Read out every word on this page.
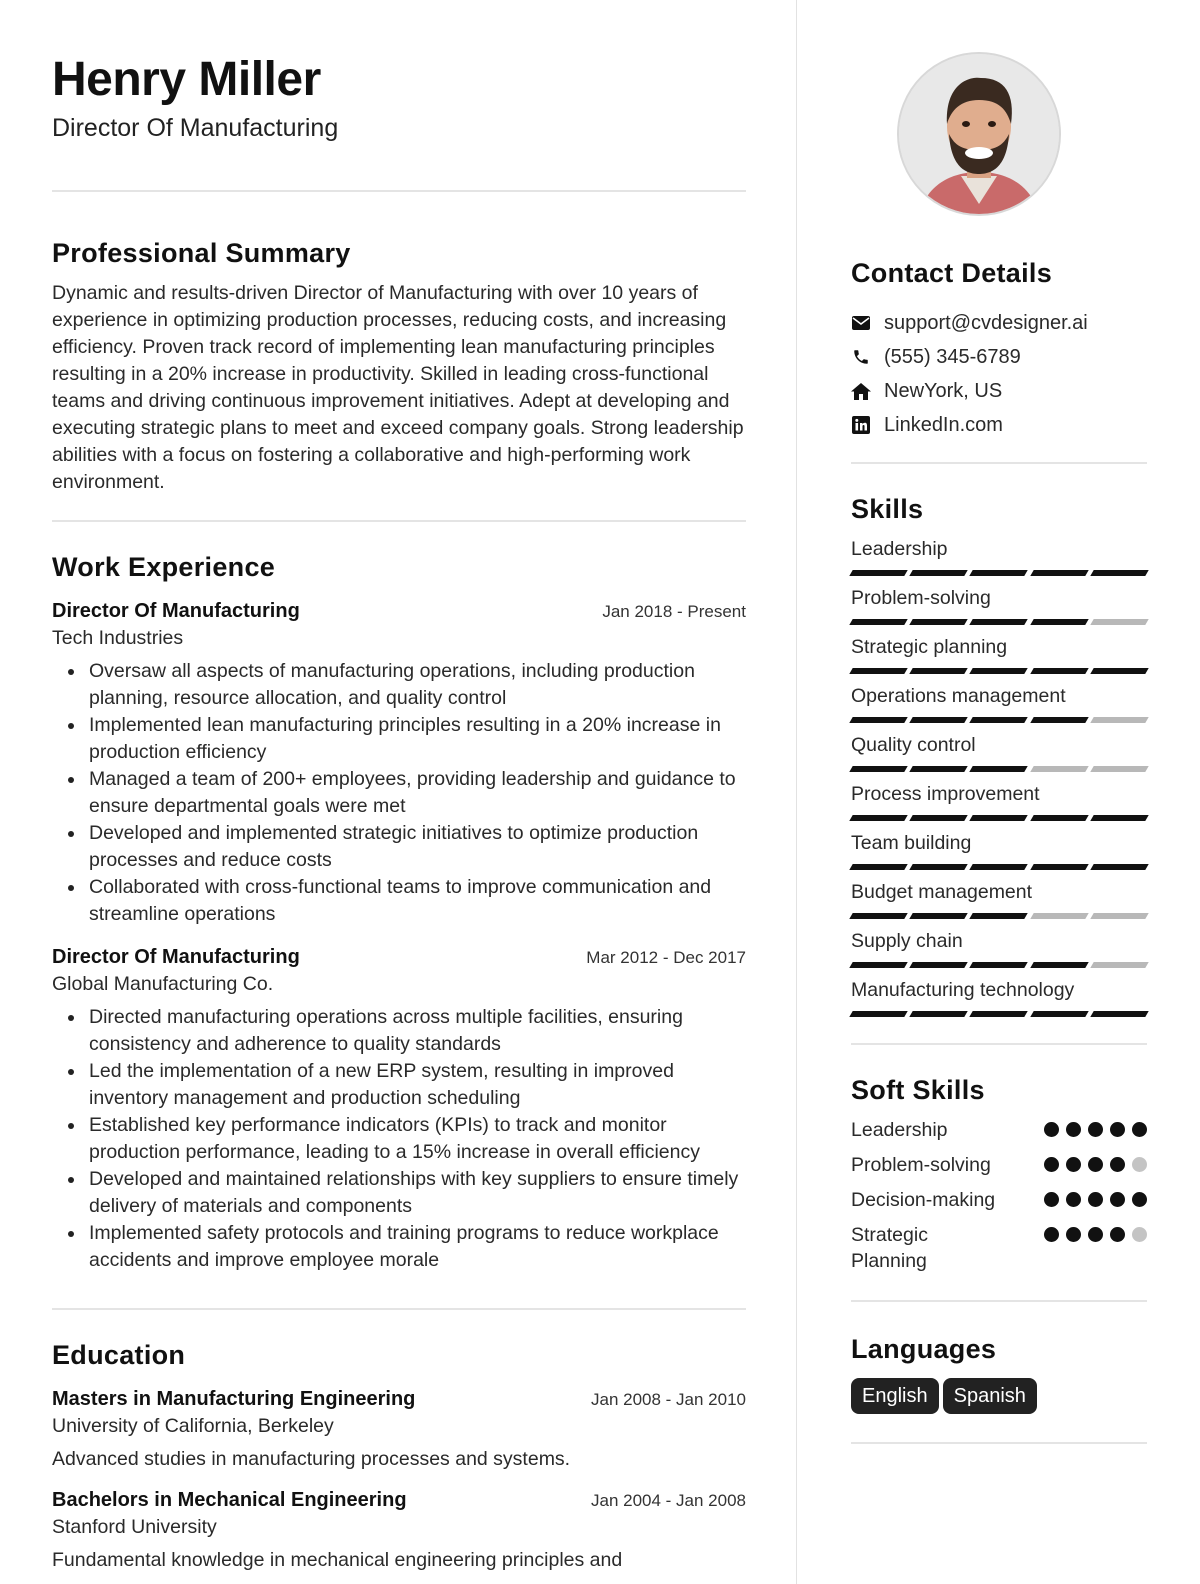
Henry Miller
Director Of Manufacturing
Professional Summary

Dynamic and results-driven Director of Manufacturing with over 10 years of experience in optimizing production processes, reducing costs, and increasing efficiency. Proven track record of implementing lean manufacturing principles resulting in a 20% increase in productivity. Skilled in leading cross-functional teams and driving continuous improvement initiatives. Adept at developing and executing strategic plans to meet and exceed company goals. Strong leadership abilities with a focus on fostering a collaborative and high-performing work environment.

Work Experience
Director Of Manufacturing	Jan 2018 - Present
Tech Industries
Oversaw all aspects of manufacturing operations, including production planning, resource allocation, and quality control
Implemented lean manufacturing principles resulting in a 20% increase in production efficiency
Managed a team of 200+ employees, providing leadership and guidance to ensure departmental goals were met
Developed and implemented strategic initiatives to optimize production processes and reduce costs
Collaborated with cross-functional teams to improve communication and streamline operations
Director Of Manufacturing	Mar 2012 - Dec 2017
Global Manufacturing Co.
Directed manufacturing operations across multiple facilities, ensuring consistency and adherence to quality standards
Led the implementation of a new ERP system, resulting in improved inventory management and production scheduling
Established key performance indicators (KPIs) to track and monitor production performance, leading to a 15% increase in overall efficiency
Developed and maintained relationships with key suppliers to ensure timely delivery of materials and components
Implemented safety protocols and training programs to reduce workplace accidents and improve employee morale
Education
Masters in Manufacturing Engineering	Jan 2008 - Jan 2010
University of California, Berkeley
Advanced studies in manufacturing processes and systems.
Bachelors in Mechanical Engineering	Jan 2004 - Jan 2008
Stanford University
Fundamental knowledge in mechanical engineering principles and
Contact Details
support@cvdesigner.ai
(555) 345-6789
NewYork, US
LinkedIn.com
Skills
Leadership
Problem-solving
Strategic planning
Operations management
Quality control
Process improvement
Team building
Budget management
Supply chain
Manufacturing technology
Soft Skills
Leadership
Problem-solving
Decision-making
Strategic Planning
Languages
English Spanish
